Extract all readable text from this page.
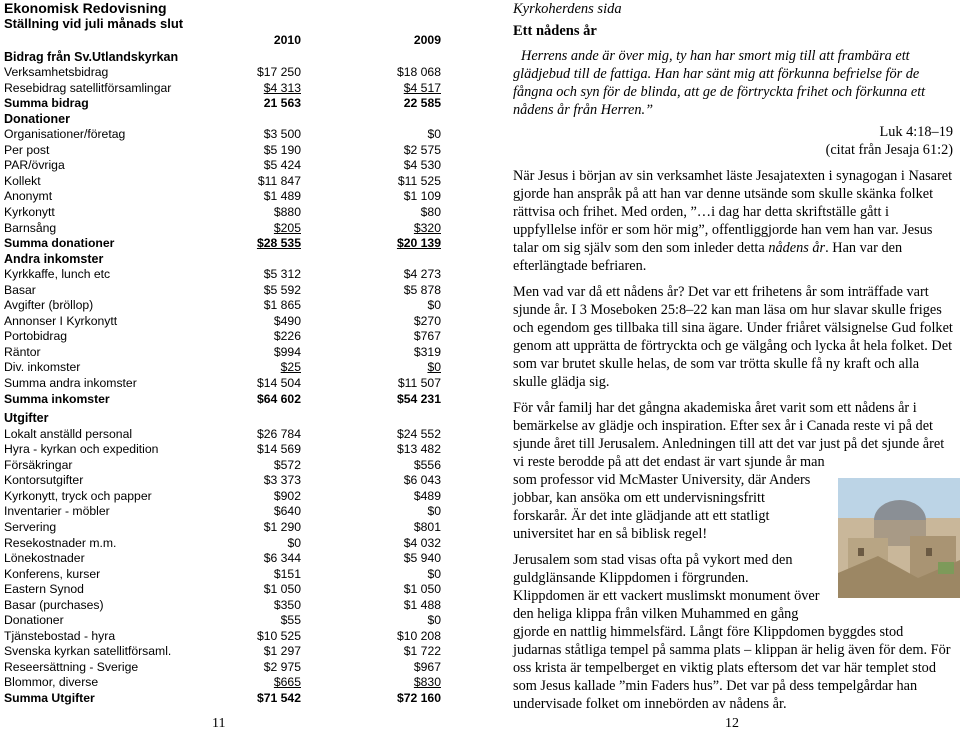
Ekonomisk Redovisning
Ställning vid juli månads slut
2010	2009
Bidrag från Sv.Utlandskyrkan
Verksamhetsbidrag	$17 250	$18 068
Resebidrag satellitförsamlingar	$4 313	$4 517
Summa bidrag	21 563	22 585
Donationer
Organisationer/företag	$3 500	$0
Per post	$5 190	$2 575
PAR/övriga	$5 424	$4 530
Kollekt	$11 847	$11 525
Anonymt	$1 489	$1 109
Kyrkonytt	$880	$80
Barnsång	$205	$320
Summa donationer	$28 535	$20 139
Andra inkomster
Kyrkkaffe, lunch etc	$5 312	$4 273
Basar	$5 592	$5 878
Avgifter (bröllop)	$1 865	$0
Annonser I Kyrkonytt	$490	$270
Portobidrag	$226	$767
Räntor	$994	$319
Div. inkomster	$25	$0
Summa andra inkomster	$14 504	$11 507
Summa inkomster	$64 602	$54 231
Utgifter
Lokalt anställd personal	$26 784	$24 552
Hyra - kyrkan och expedition	$14 569	$13 482
Försäkringar	$572	$556
Kontorsutgifter	$3 373	$6 043
Kyrkonytt, tryck och papper	$902	$489
Inventarier - möbler	$640	$0
Servering	$1 290	$801
Resekostnader m.m.	$0	$4 032
Lönekostnader	$6 344	$5 940
Konferens, kurser	$151	$0
Eastern Synod	$1 050	$1 050
Basar (purchases)	$350	$1 488
Donationer	$55	$0
Tjänstebostad - hyra	$10 525	$10 208
Svenska kyrkan satellitförsaml.	$1 297	$1 722
Reseersättning - Sverige	$2 975	$967
Blommor, diverse	$665	$830
Summa Utgifter	$71 542	$72 160
11
Kyrkoherdens sida
Ett nådens år
Herrens ande är över mig, ty han har smort mig till att frambära ett glädjebud till de fattiga. Han har sänt mig att förkunna befrielse för de fångna och syn för de blinda, att ge de förtryckta frihet och förkunna ett nådens år från Herren.”
Luk 4:18–19
(citat från Jesaja 61:2)

När Jesus i början av sin verksamhet läste Jesajatexten i synagogan i Nasaret gjorde han anspråk på att han var denne utsände som skulle skänka folket rättvisa och frihet. Med orden, ”…i dag har detta skriftställe gått i uppfyllelse inför er som hör mig”, offentliggjorde han vem han var. Jesus talar om sig själv som den som inleder detta nådens år. Han var den efterlängtade befriaren.

Men vad var då ett nådens år? Det var ett frihetens år som inträffade vart sjunde år. I 3 Moseboken 25:8–22 kan man läsa om hur slavar skulle friges och egendom ges tillbaka till sina ägare. Under friåret välsignelse Gud folket genom att upprätta de förtryckta och ge välgång och lycka åt hela folket. Det som var brutet skulle helas, de som var trötta skulle få ny kraft och alla skulle glädja sig.

För vår familj har det gångna akademiska året varit som ett nådens år i bemärkelse av glädje och inspiration. Efter sex år i Canada reste vi på det sjunde året till Jerusalem. Anledningen till att det var just på det sjunde året vi reste berodde på att det endast är vart sjunde år man
som professor vid McMaster University, där Anders
jobbar, kan ansöka om ett undervisningsfritt
forskarår. Är det inte glädjande att ett statligt
universitet har en så biblisk regel!

Jerusalem som stad visas ofta på vykort med den
guldglänsande Klippdomen i förgrunden.
Klippdomen är ett vackert muslimskt monument över
den heliga klippa från vilken Muhammed en gång
gjorde en nattlig himmelsfärd. Långt före Klippdomen byggdes stod judarnas ståtliga tempel på samma plats – klippan är helig även för dem. För oss krista är tempelberget en viktig plats eftersom det var här templet stod som Jesus kallade ”min Faders hus”. Det var på dess tempelgårdar han undervisade folket om innebörden av nådens år.

12
